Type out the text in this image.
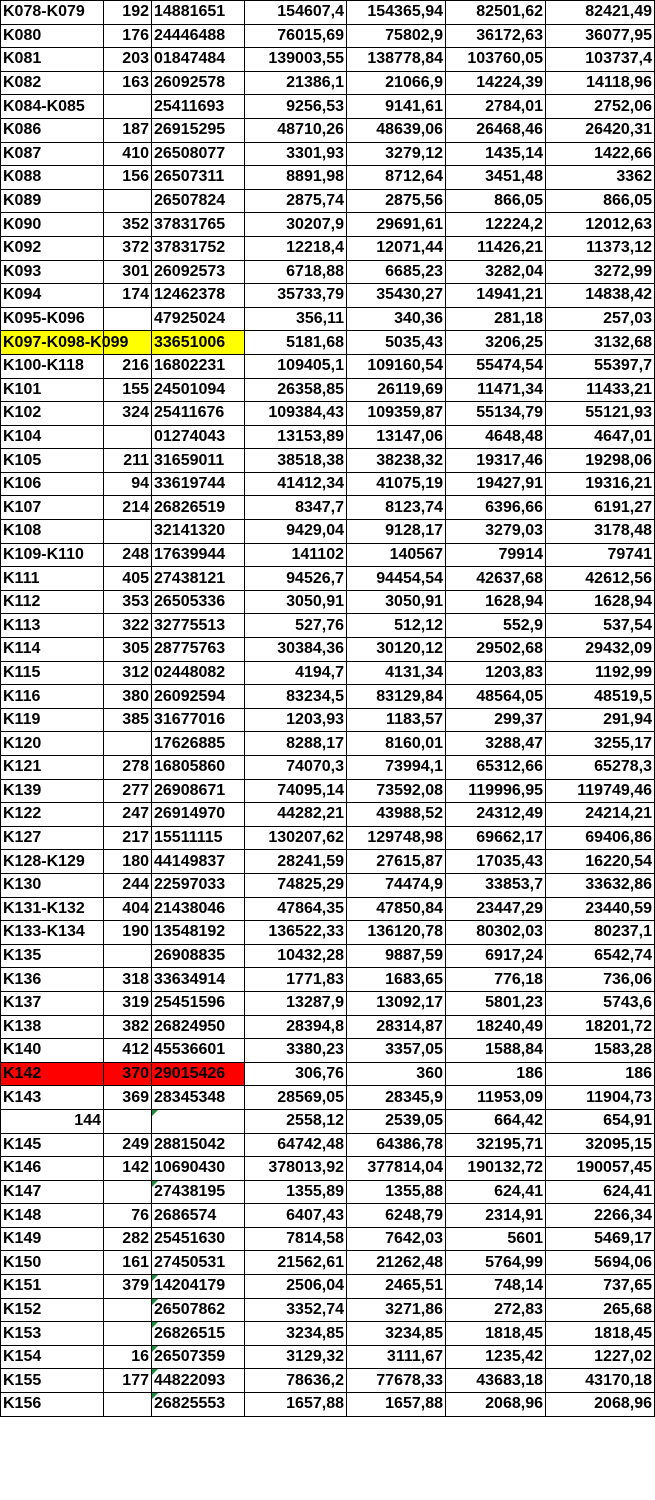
K078-K079	192	14881651	154607,4	154365,94	82501,62	82421,49
K080	176	24446488	76015,69	75802,9	36172,63	36077,95
K081	203	01847484	139003,55	138778,84	103760,05	103737,4
K082	163	26092578	21386,1	21066,9	14224,39	14118,96
K084-K085		25411693	9256,53	9141,61	2784,01	2752,06
K086	187	26915295	48710,26	48639,06	26468,46	26420,31
K087	410	26508077	3301,93	3279,12	1435,14	1422,66
K088	156	26507311	8891,98	8712,64	3451,48	3362
K089		26507824	2875,74	2875,56	866,05	866,05
K090	352	37831765	30207,9	29691,61	12224,2	12012,63
K092	372	37831752	12218,4	12071,44	11426,21	11373,12
K093	301	26092573	6718,88	6685,23	3282,04	3272,99
K094	174	12462378	35733,79	35430,27	14941,21	14838,42
K095-K096		47925024	356,11	340,36	281,18	257,03
K097-K098-K099		33651006	5181,68	5035,43	3206,25	3132,68
K100-K118	216	16802231	109405,1	109160,54	55474,54	55397,7
K101	155	24501094	26358,85	26119,69	11471,34	11433,21
K102	324	25411676	109384,43	109359,87	55134,79	55121,93
K104		01274043	13153,89	13147,06	4648,48	4647,01
K105	211	31659011	38518,38	38238,32	19317,46	19298,06
K106	94	33619744	41412,34	41075,19	19427,91	19316,21
K107	214	26826519	8347,7	8123,74	6396,66	6191,27
K108		32141320	9429,04	9128,17	3279,03	3178,48
K109-K110	248	17639944	141102	140567	79914	79741
K111	405	27438121	94526,7	94454,54	42637,68	42612,56
K112	353	26505336	3050,91	3050,91	1628,94	1628,94
K113	322	32775513	527,76	512,12	552,9	537,54
K114	305	28775763	30384,36	30120,12	29502,68	29432,09
K115	312	02448082	4194,7	4131,34	1203,83	1192,99
K116	380	26092594	83234,5	83129,84	48564,05	48519,5
K119	385	31677016	1203,93	1183,57	299,37	291,94
K120		17626885	8288,17	8160,01	3288,47	3255,17
K121	278	16805860	74070,3	73994,1	65312,66	65278,3
K139	277	26908671	74095,14	73592,08	119996,95	119749,46
K122	247	26914970	44282,21	43988,52	24312,49	24214,21
K127	217	15511115	130207,62	129748,98	69662,17	69406,86
K128-K129	180	44149837	28241,59	27615,87	17035,43	16220,54
K130	244	22597033	74825,29	74474,9	33853,7	33632,86
K131-K132	404	21438046	47864,35	47850,84	23447,29	23440,59
K133-K134	190	13548192	136522,33	136120,78	80302,03	80237,1
K135		26908835	10432,28	9887,59	6917,24	6542,74
K136	318	33634914	1771,83	1683,65	776,18	736,06
K137	319	25451596	13287,9	13092,17	5801,23	5743,6
K138	382	26824950	28394,8	28314,87	18240,49	18201,72
K140	412	45536601	3380,23	3357,05	1588,84	1583,28
K142	370	29015426	306,76	360	186	186
K143	369	28345348	28569,05	28345,9	11953,09	11904,73
144			2558,12	2539,05	664,42	654,91
K145	249	28815042	64742,48	64386,78	32195,71	32095,15
K146	142	10690430	378013,92	377814,04	190132,72	190057,45
K147		27438195	1355,89	1355,88	624,41	624,41
K148	76	2686574	6407,43	6248,79	2314,91	2266,34
K149	282	25451630	7814,58	7642,03	5601	5469,17
K150	161	27450531	21562,61	21262,48	5764,99	5694,06
K151	379	14204179	2506,04	2465,51	748,14	737,65
K152		26507862	3352,74	3271,86	272,83	265,68
K153		26826515	3234,85	3234,85	1818,45	1818,45
K154	16	26507359	3129,32	3111,67	1235,42	1227,02
K155	177	44822093	78636,2	77678,33	43683,18	43170,18
K156		26825553	1657,88	1657,88	2068,96	2068,96
